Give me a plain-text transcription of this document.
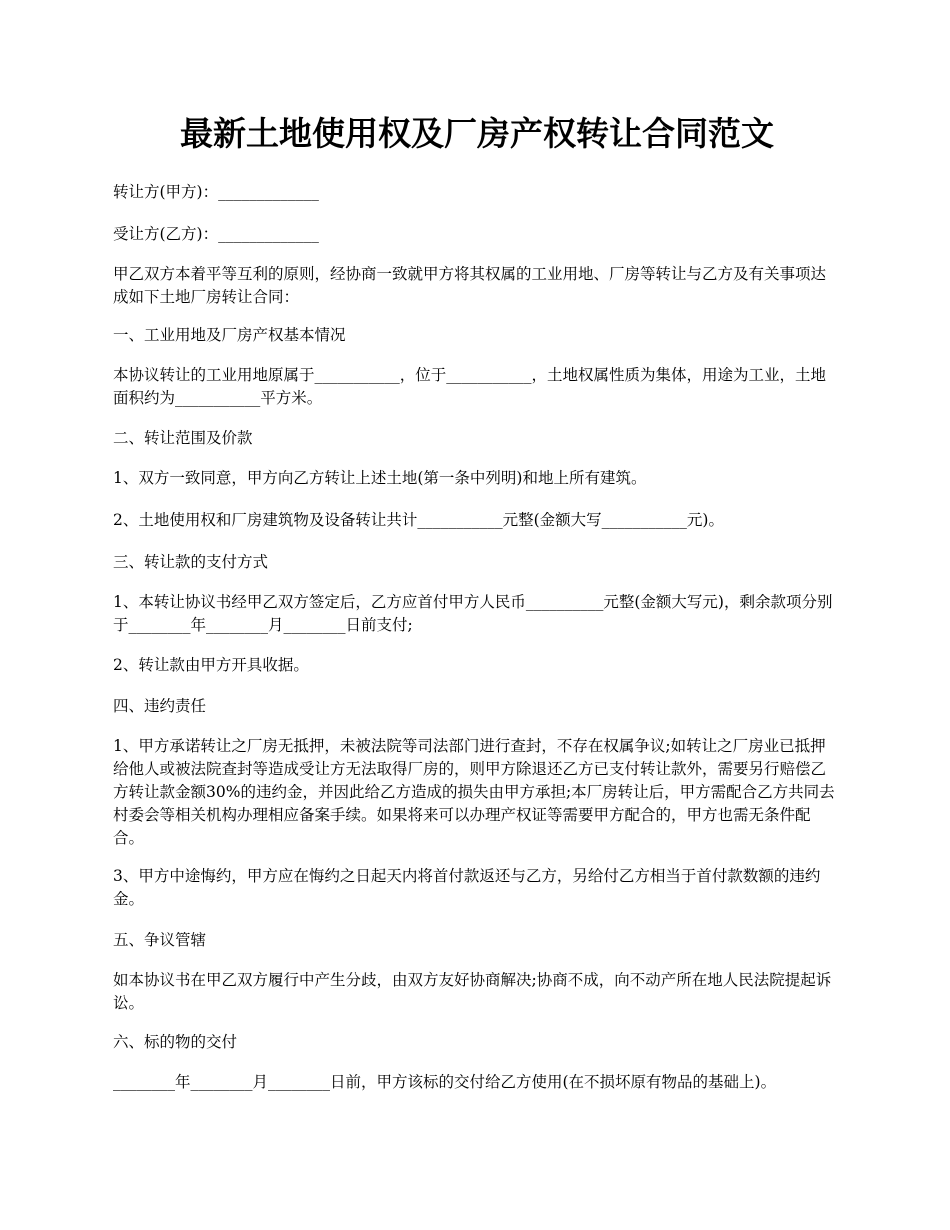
最新土地使用权及厂房产权转让合同范文

转让方(甲方)：_____________

受让方(乙方)：_____________

甲乙双方本着平等互利的原则，经协商一致就甲方将其权属的工业用地、厂房等转让与乙方及有关事项达成如下土地厂房转让合同：

一、工业用地及厂房产权基本情况

本协议转让的工业用地原属于___________，位于___________，土地权属性质为集体，用途为工业，土地面积约为___________平方米。

二、转让范围及价款

1、双方一致同意，甲方向乙方转让上述土地(第一条中列明)和地上所有建筑。

2、土地使用权和厂房建筑物及设备转让共计___________元整(金额大写___________元)。

三、转让款的支付方式

1、本转让协议书经甲乙双方签定后，乙方应首付甲方人民币__________元整(金额大写元)，剩余款项分别于________年________月________日前支付;

2、转让款由甲方开具收据。

四、违约责任

1、甲方承诺转让之厂房无抵押，未被法院等司法部门进行查封，不存在权属争议;如转让之厂房业已抵押给他人或被法院查封等造成受让方无法取得厂房的，则甲方除退还乙方已支付转让款外，需要另行赔偿乙方转让款金额30%的违约金，并因此给乙方造成的损失由甲方承担;本厂房转让后，甲方需配合乙方共同去村委会等相关机构办理相应备案手续。如果将来可以办理产权证等需要甲方配合的，甲方也需无条件配合。

3、甲方中途悔约，甲方应在悔约之日起天内将首付款返还与乙方，另给付乙方相当于首付款数额的违约金。

五、争议管辖

如本协议书在甲乙双方履行中产生分歧，由双方友好协商解决;协商不成，向不动产所在地人民法院提起诉讼。

六、标的物的交付

________年________月________日前，甲方该标的交付给乙方使用(在不损坏原有物品的基础上)。
